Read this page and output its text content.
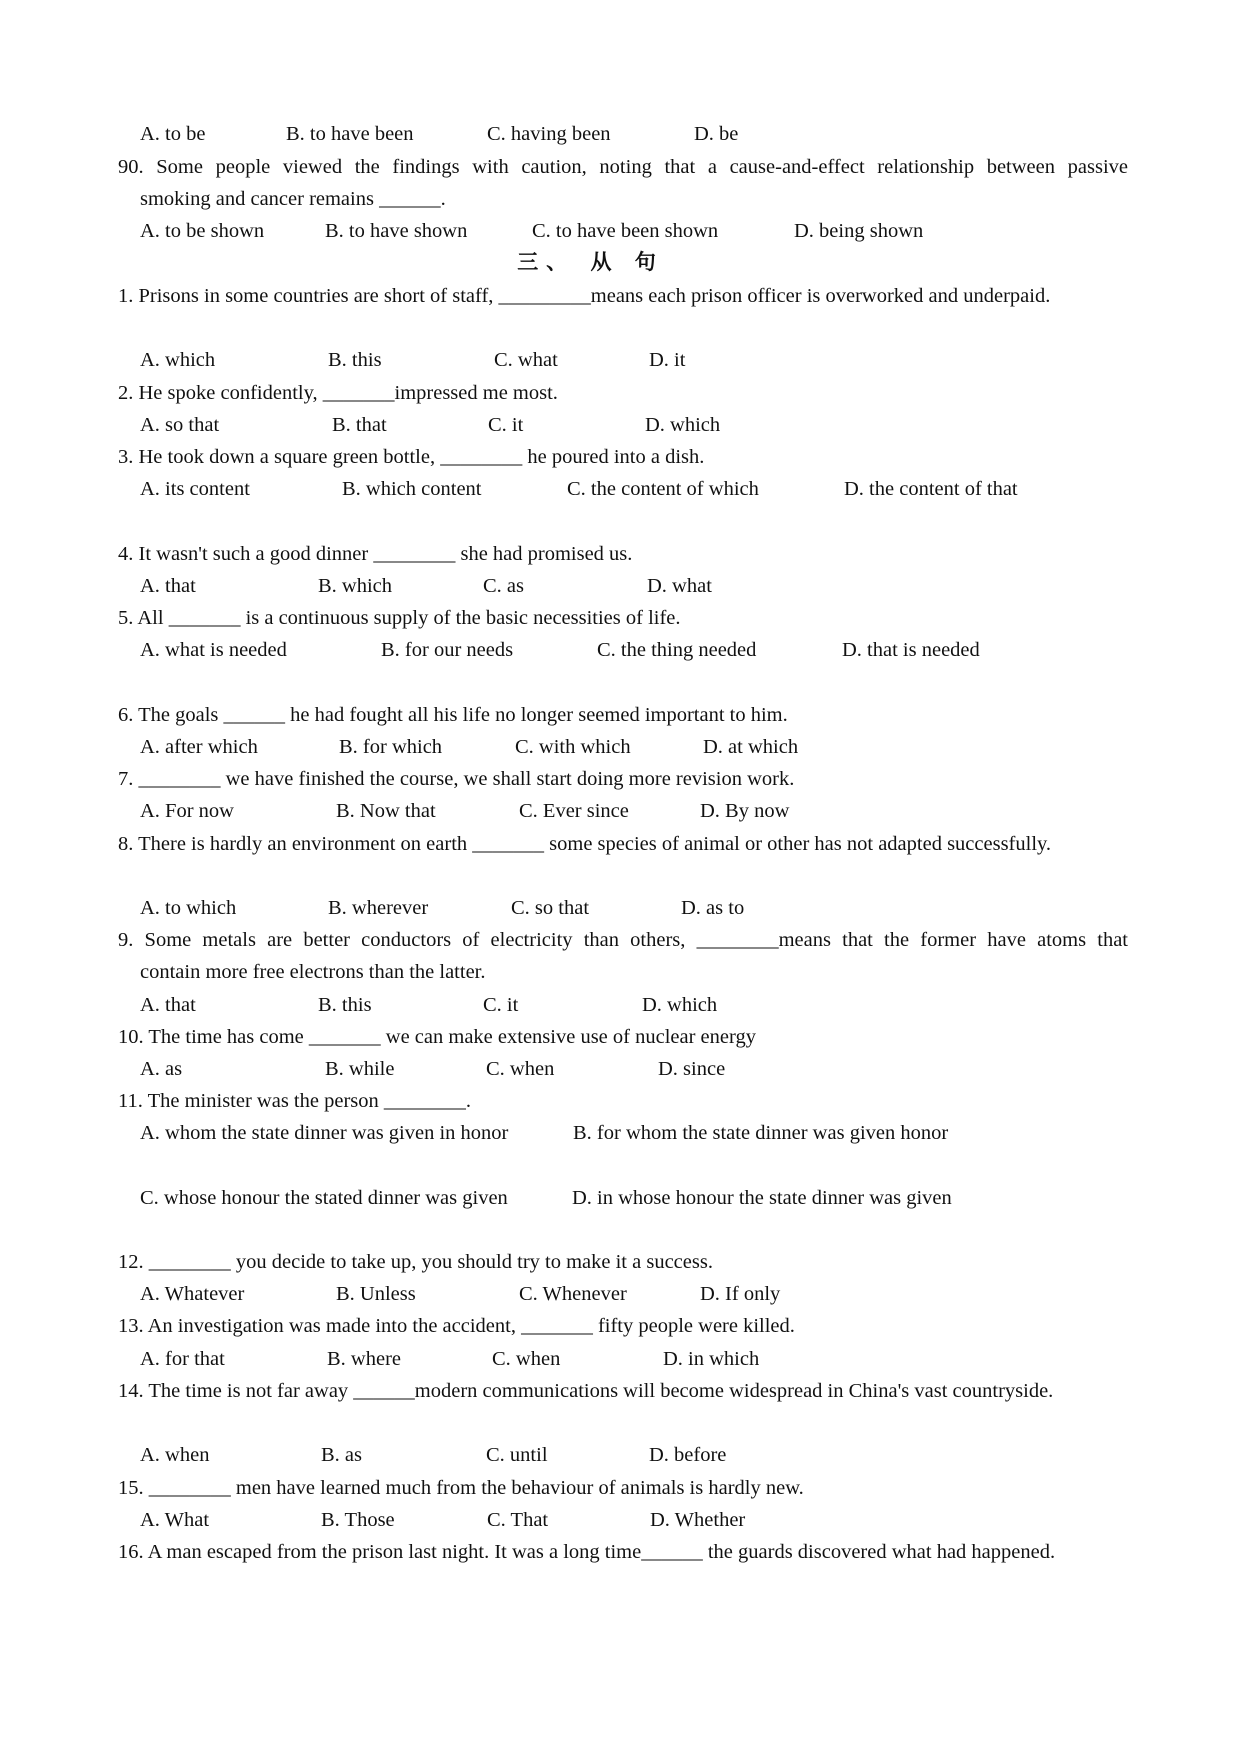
A. to be	B. to have been	C. having been	D. be
90. Some people viewed the findings with caution, noting that a cause-and-effect relationship between passive
smoking and cancer remains ______.
A. to be shown	B. to have shown	C. to have been shown	D. being shown
三、 从 句
1. Prisons in some countries are short of staff, _________means each prison officer is overworked and underpaid.
A. which	B. this	C. what	D. it
2. He spoke confidently, _______impressed me most.
A. so that	B. that	C. it	D. which
3. He took down a square green bottle, ________ he poured into a dish.
A. its content	B. which content	C. the content of which	D. the content of that
4. It wasn't such a good dinner ________ she had promised us.
A. that	B. which	C. as	D. what
5. All _______ is a continuous supply of the basic necessities of life.
A. what is needed	B. for our needs	C. the thing needed	D. that is needed
6. The goals ______ he had fought all his life no longer seemed important to him.
A. after which	B. for which	C. with which	D. at which
7. ________ we have finished the course, we shall start doing more revision work.
A. For now	B. Now that	C. Ever since	D. By now
8. There is hardly an environment on earth _______ some species of animal or other has not adapted successfully.
A. to which	B. wherever	C. so that	D. as to
9. Some metals are better conductors of electricity than others, ________means that the former have atoms that
contain more free electrons than the latter.
A. that	B. this	C. it	D. which
10. The time has come _______ we can make extensive use of nuclear energy
A. as	B. while	C. when	D. since
11. The minister was the person ________.
A. whom the state dinner was given in honor	B. for whom the state dinner was given honor
C. whose honour the stated dinner was given	D. in whose honour the state dinner was given
12. ________ you decide to take up, you should try to make it a success.
A. Whatever	B. Unless	C. Whenever	D. If only
13. An investigation was made into the accident, _______ fifty people were killed.
A. for that	B. where	C. when	D. in which
14. The time is not far away ______modern communications will become widespread in China's vast countryside.
A. when	B. as	C. until	D. before
15. ________ men have learned much from the behaviour of animals is hardly new.
A. What	B. Those	C. That	D. Whether
16. A man escaped from the prison last night. It was a long time______ the guards discovered what had happened.
